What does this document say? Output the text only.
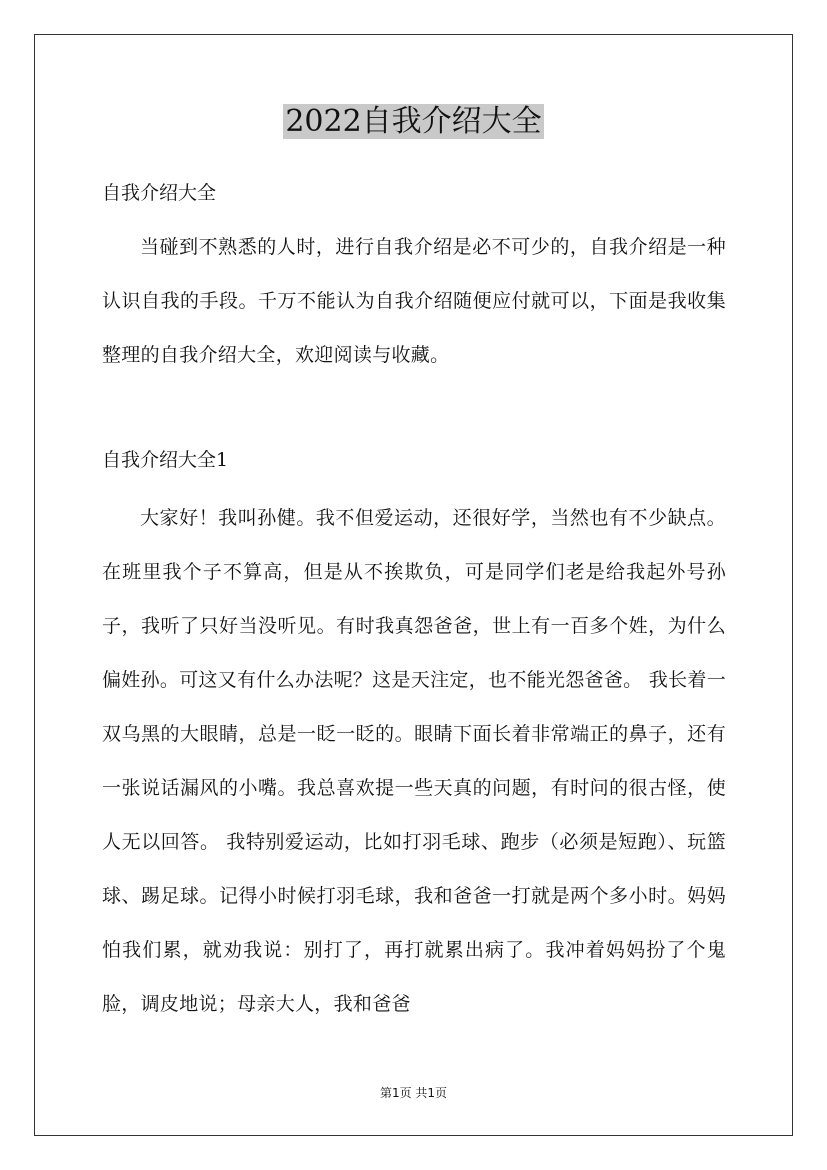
2022自我介绍大全

自我介绍大全

当碰到不熟悉的人时，进行自我介绍是必不可少的，自我介绍是一种认识自我的手段。千万不能认为自我介绍随便应付就可以，下面是我收集整理的自我介绍大全，欢迎阅读与收藏。

自我介绍大全1

大家好！我叫孙健。我不但爱运动，还很好学，当然也有不少缺点。在班里我个子不算高，但是从不挨欺负，可是同学们老是给我起外号孙子，我听了只好当没听见。有时我真怨爸爸，世上有一百多个姓，为什么偏姓孙。可这又有什么办法呢？这是天注定，也不能光怨爸爸。 我长着一双乌黑的大眼睛，总是一眨一眨的。眼睛下面长着非常端正的鼻子，还有一张说话漏风的小嘴。我总喜欢提一些天真的问题，有时问的很古怪，使人无以回答。 我特别爱运动，比如打羽毛球、跑步（必须是短跑）、玩篮球、踢足球。记得小时候打羽毛球，我和爸爸一打就是两个多小时。妈妈怕我们累，就劝我说：别打了，再打就累出病了。我冲着妈妈扮了个鬼脸，调皮地说；母亲大人，我和爸爸

第1页 共1页
